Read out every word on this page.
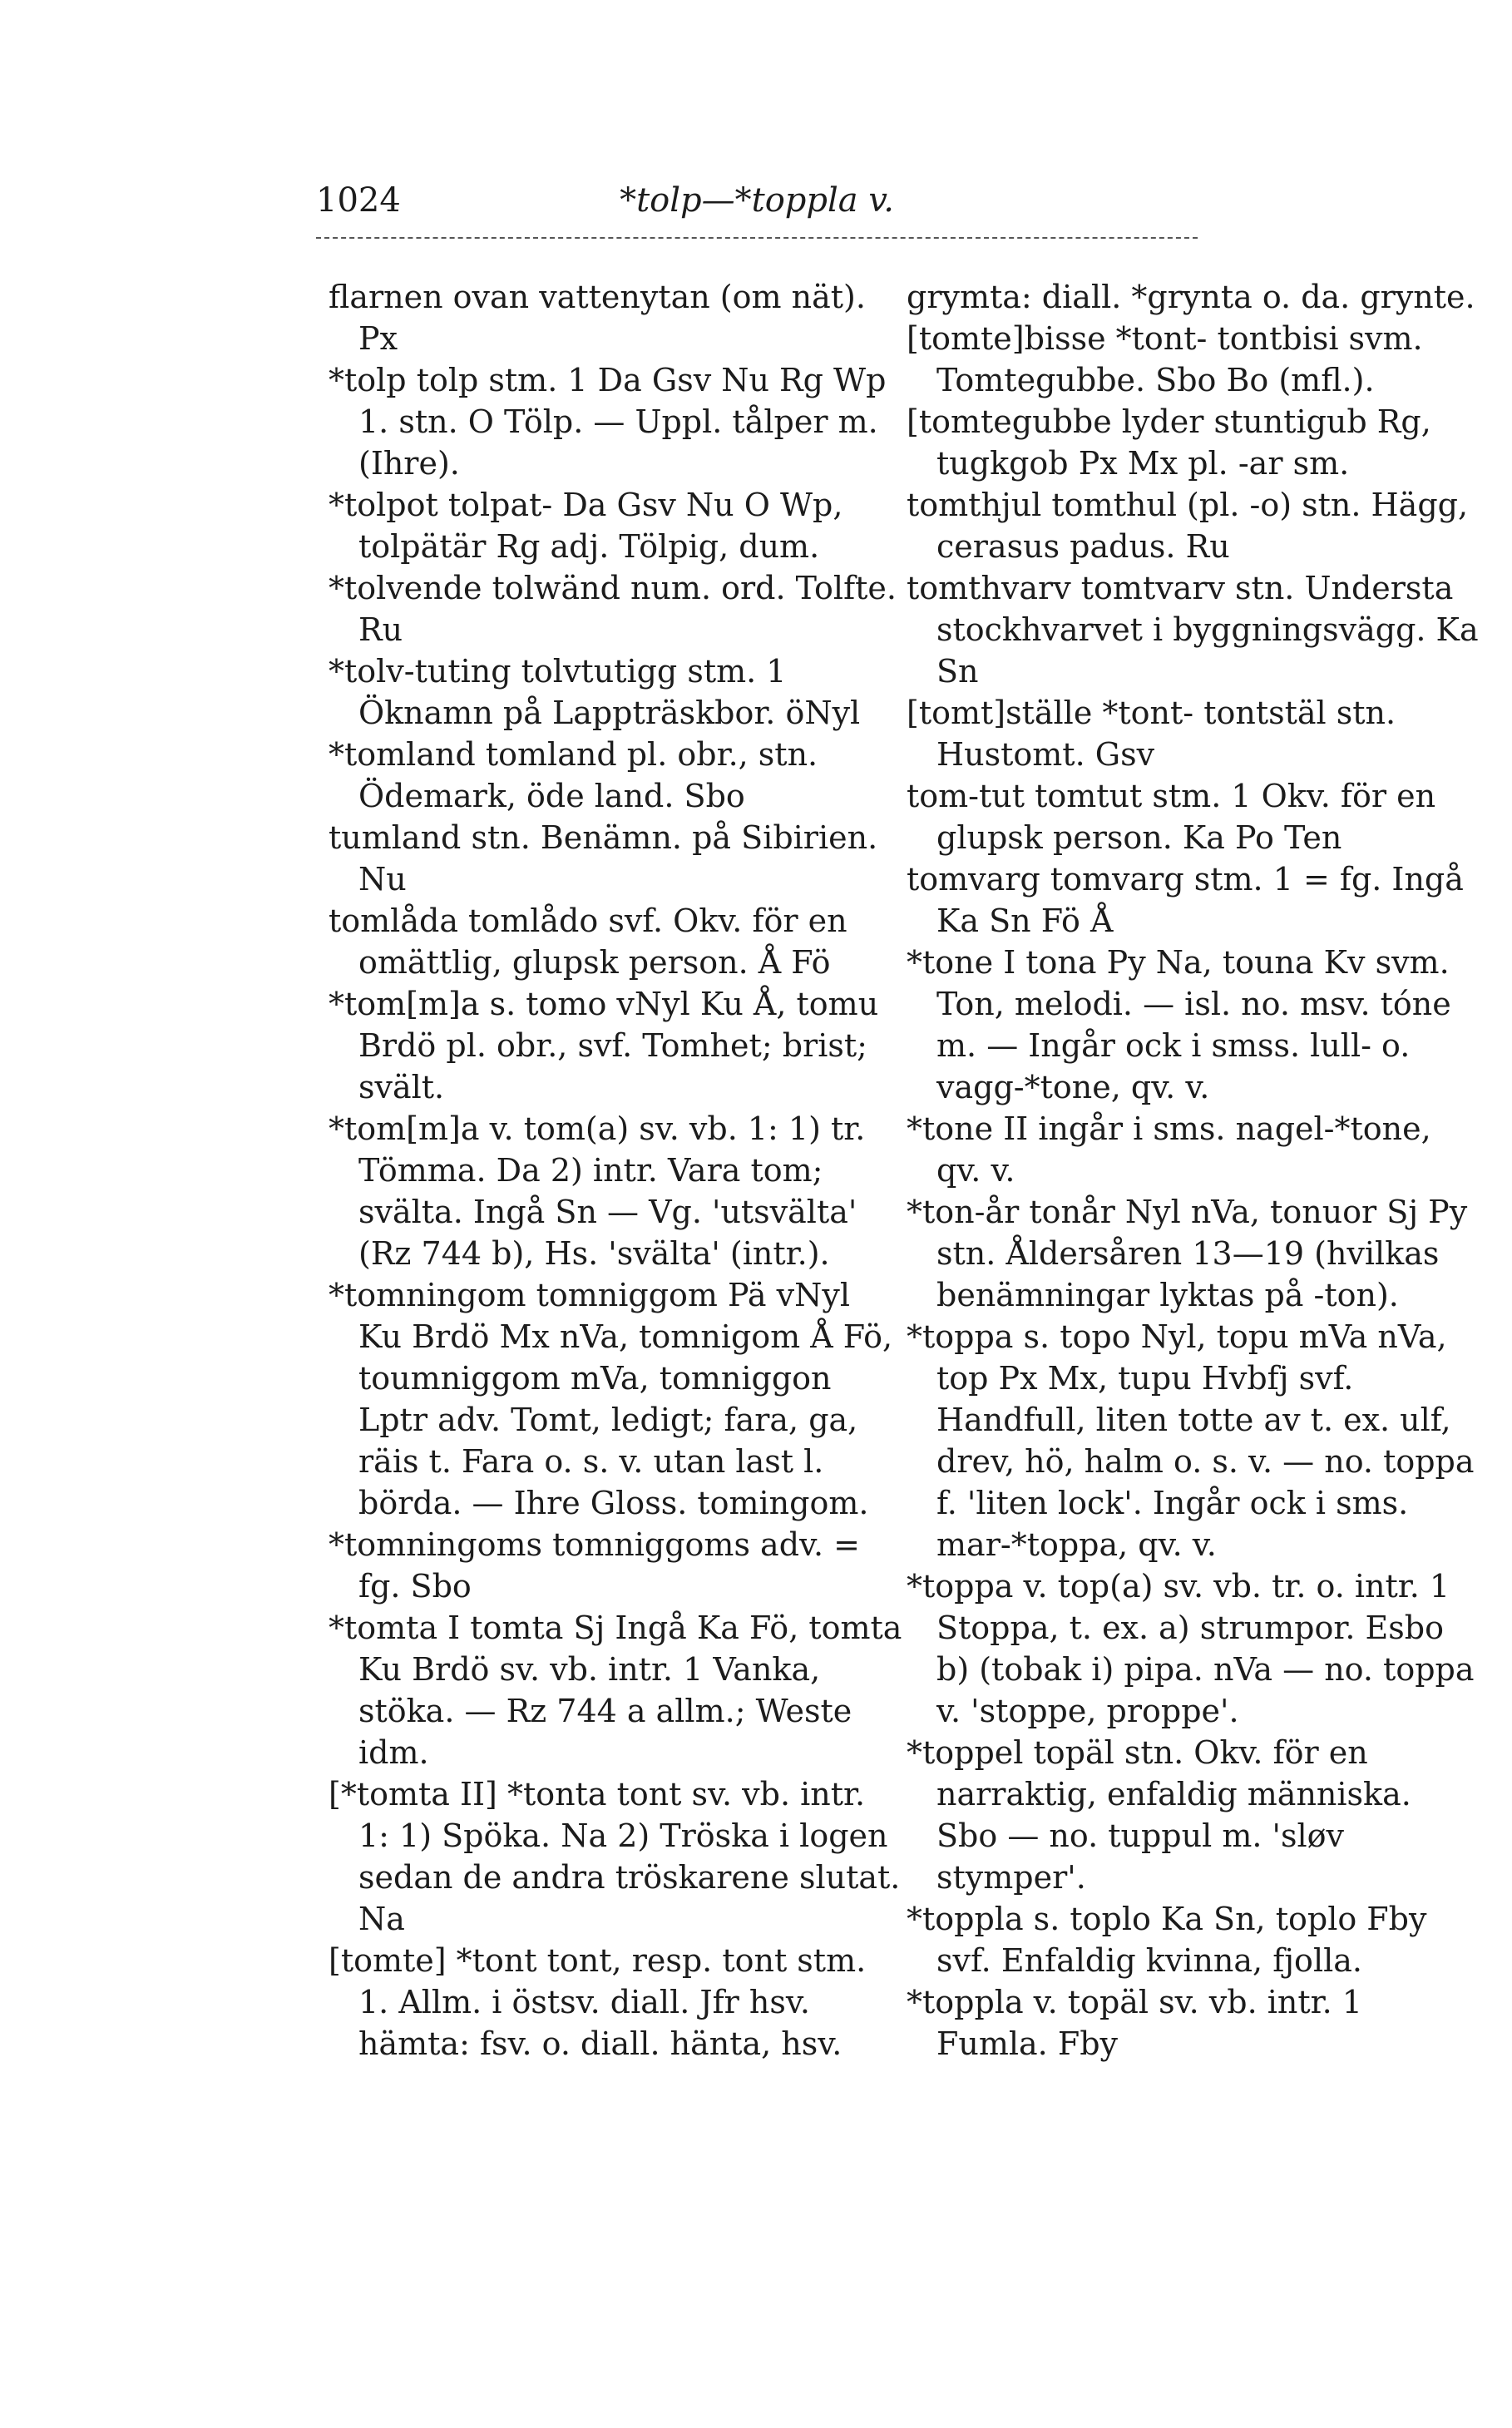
1024	*tolp—*toppla v.
flarnen ovan vattenytan (om nät). Px
*tolp tolp stm. 1 Da Gsv Nu Rg Wp 1. stn. O Tölp. — Uppl. tålper m. (Ihre).
*tolpot tolpat- Da Gsv Nu O Wp, tolpätär Rg adj. Tölpig, dum.
*tolvende tolwänd num. ord. Tolfte. Ru
*tolv-tuting tolvtutigg stm. 1 Öknamn på Lappträskbor. öNyl
*tomland tomland pl. obr., stn. Ödemark, öde land. Sbo
tumland stn. Benämn. på Sibirien. Nu
tomlåda tomlådo svf. Okv. för en omättlig, glupsk person. Å Fö
*tom[m]a s. tomo vNyl Ku Å, tomu Brdö pl. obr., svf. Tomhet; brist; svält.
*tom[m]a v. tom(a) sv. vb. 1: 1) tr. Tömma. Da 2) intr. Vara tom; svälta. Ingå Sn — Vg. 'utsvälta' (Rz 744 b), Hs. 'svälta' (intr.).
*tomningom tomniggom Pä vNyl Ku Brdö Mx nVa, tomnigom Å Fö, toumniggom mVa, tomniggon Lptr adv. Tomt, ledigt; fara, ga, räis t. Fara o. s. v. utan last l. börda. — Ihre Gloss. tomingom.
*tomningoms tomniggoms adv. = fg. Sbo
*tomta I tomta Sj Ingå Ka Fö, tomta Ku Brdö sv. vb. intr. 1 Vanka, stöka. — Rz 744 a allm.; Weste idm.
[*tomta II] *tonta tont sv. vb. intr. 1: 1) Spöka. Na 2) Tröska i logen sedan de andra tröskarene slutat. Na
[tomte] *tont tont, resp. tont stm. 1. Allm. i östsv. diall. Jfr hsv. hämta: fsv. o. diall. hänta, hsv.
grymta: diall. *grynta o. da. grynte.
[tomte]bisse *tont- tontbisi svm. Tomtegubbe. Sbo Bo (mfl.).
[tomtegubbe lyder stuntigub Rg, tugkgob Px Mx pl. -ar sm.
tomthjul tomthul (pl. -o) stn. Hägg, cerasus padus. Ru
tomthvarv tomtvarv stn. Understa stockhvarvet i byggningsvägg. Ka Sn
[tomt]ställe *tont- tontstäl stn. Hustomt. Gsv
tom-tut tomtut stm. 1 Okv. för en glupsk person. Ka Po Ten
tomvarg tomvarg stm. 1 = fg. Ingå Ka Sn Fö Å
*tone I tona Py Na, touna Kv svm. Ton, melodi. — isl. no. msv. tóne m. — Ingår ock i smss. lull- o. vagg-*tone, qv. v.
*tone II ingår i sms. nagel-*tone, qv. v.
*ton-år tonår Nyl nVa, tonuor Sj Py stn. Åldersåren 13—19 (hvilkas benämningar lyktas på -ton).
*toppa s. topo Nyl, topu mVa nVa, top Px Mx, tupu Hvbfj svf. Handfull, liten totte av t. ex. ulf, drev, hö, halm o. s. v. — no. toppa f. 'liten lock'. Ingår ock i sms. mar-*toppa, qv. v.
*toppa v. top(a) sv. vb. tr. o. intr. 1 Stoppa, t. ex. a) strumpor. Esbo b) (tobak i) pipa. nVa — no. toppa v. 'stoppe, proppe'.
*toppel topäl stn. Okv. för en narraktig, enfaldig människa. Sbo — no. tuppul m. 'sløv stymper'.
*toppla s. toplo Ka Sn, toplo Fby svf. Enfaldig kvinna, fjolla.
*toppla v. topäl sv. vb. intr. 1 Fumla. Fby
